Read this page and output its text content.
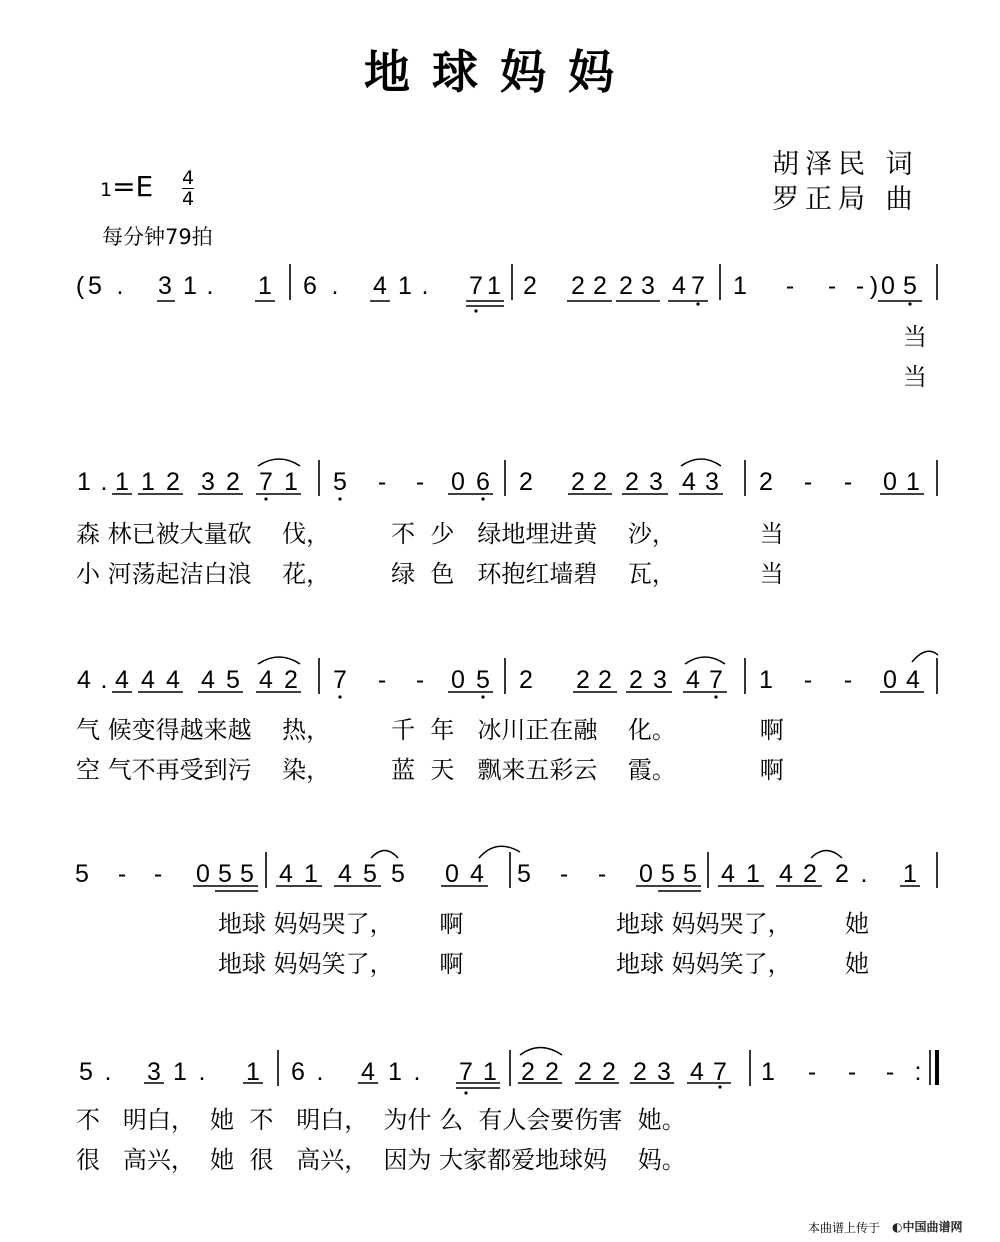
地球妈妈
胡泽民 词
罗正局 曲
1=E 4
4
每分钟79拍
( 5 . 3 1 . 1 6 . 4 1 . 7 1 2 2 2 2 3 4 7 1 - - - ) 0 5
当
当
1 . 1 1 2 3 2 7 1 5 - - 0 6 2 2 2 2 3 4 3 2 - - 0 1
森 林已被大量砍    伐，        不  少   绿地埋进黄    沙，           当
小 河荡起洁白浪    花，        绿  色   环抱红墙碧    瓦，           当
4 . 4 4 4 4 5 4 2 7 - - 0 5 2 2 2 2 3 4 7 1 - - 0 4
气 候变得越来越    热，        千  年   冰川正在融    化。           啊
空 气不再受到污    染，        蓝  天   飘来五彩云    霞。           啊
5 - - 0 5 5 4 1 4 5 5 0 4 5 - - 0 5 5 4 1 4 2 2 . 1
地球 妈妈哭了，      啊                    地球 妈妈哭了，       她
地球 妈妈笑了，      啊                    地球 妈妈笑了，       她
5 . 3 1 . 1 6 . 4 1 . 7 1 2 2 2 2 2 3 4 7 1 - - - :
不   明白，  她  不   明白，  为什 么  有人会要伤害  她。
很   高兴，  她  很   高兴，  因为 大家都爱地球妈    妈。
本曲谱上传于 ◐中国曲谱网
